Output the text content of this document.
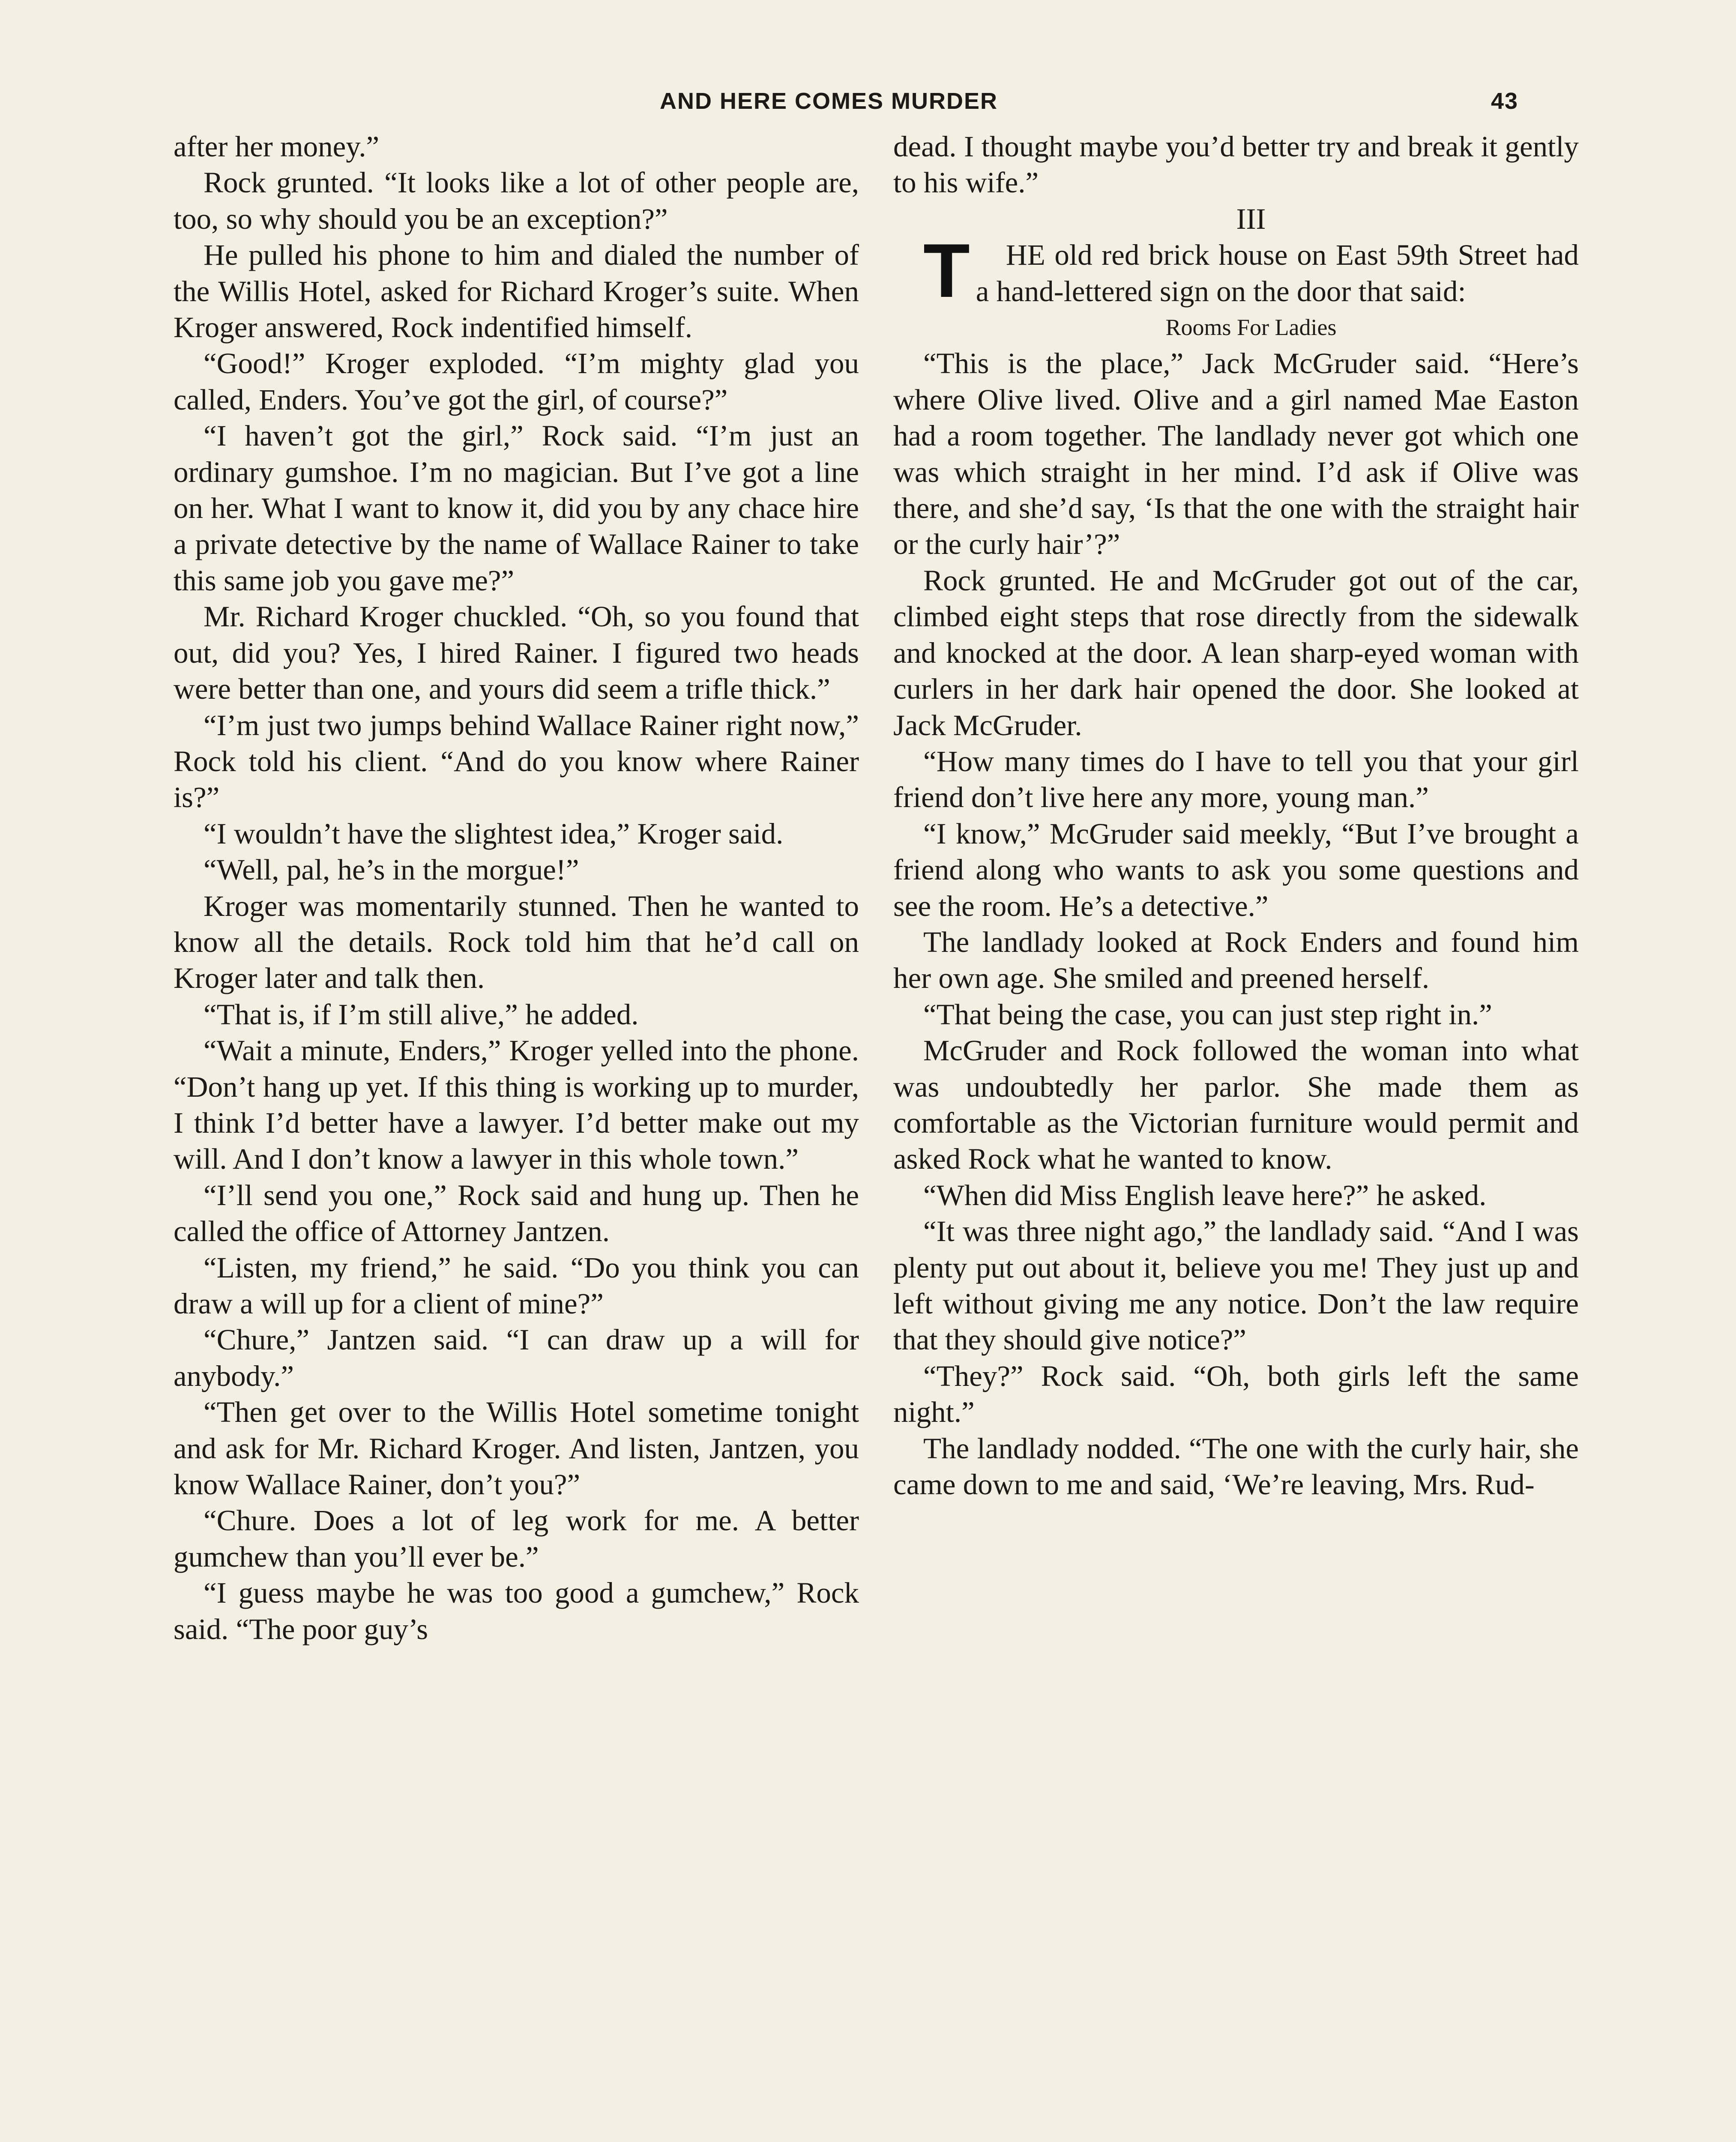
AND HERE COMES MURDER	43

after her money.”

Rock grunted. “It looks like a lot of other people are, too, so why should you be an exception?”

He pulled his phone to him and dialed the number of the Willis Hotel, asked for Richard Kroger’s suite. When Kroger answered, Rock indentified himself.

“Good!” Kroger exploded. “I’m mighty glad you called, Enders. You’ve got the girl, of course?”

“I haven’t got the girl,” Rock said. “I’m just an ordinary gumshoe. I’m no magician. But I’ve got a line on her. What I want to know it, did you by any chace hire a private detective by the name of Wallace Rainer to take this same job you gave me?”

Mr. Richard Kroger chuckled. “Oh, so you found that out, did you? Yes, I hired Rainer. I figured two heads were better than one, and yours did seem a trifle thick.”

“I’m just two jumps behind Wallace Rainer right now,” Rock told his client. “And do you know where Rainer is?”

“I wouldn’t have the slightest idea,” Kroger said.

“Well, pal, he’s in the morgue!”

Kroger was momentarily stunned. Then he wanted to know all the details. Rock told him that he’d call on Kroger later and talk then.

“That is, if I’m still alive,” he added.

“Wait a minute, Enders,” Kroger yelled into the phone. “Don’t hang up yet. If this thing is working up to murder, I think I’d better have a lawyer. I’d better make out my will. And I don’t know a lawyer in this whole town.”

“I’ll send you one,” Rock said and hung up. Then he called the office of Attorney Jantzen.

“Listen, my friend,” he said. “Do you think you can draw a will up for a client of mine?”

“Chure,” Jantzen said. “I can draw up a will for anybody.”

“Then get over to the Willis Hotel sometime tonight and ask for Mr. Richard Kroger. And listen, Jantzen, you know Wallace Rainer, don’t you?”

“Chure. Does a lot of leg work for me. A better gumchew than you’ll ever be.”

“I guess maybe he was too good a gumchew,” Rock said. “The poor guy’s

dead. I thought maybe you’d better try and break it gently to his wife.”

III

T HE old red brick house on East 59th Street had a hand-lettered sign on the door that said:

Rooms For Ladies

“This is the place,” Jack McGruder said. “Here’s where Olive lived. Olive and a girl named Mae Easton had a room together. The landlady never got which one was which straight in her mind. I’d ask if Olive was there, and she’d say, ‘Is that the one with the straight hair or the curly hair’?”

Rock grunted. He and McGruder got out of the car, climbed eight steps that rose directly from the sidewalk and knocked at the door. A lean sharp-eyed woman with curlers in her dark hair opened the door. She looked at Jack McGruder.

“How many times do I have to tell you that your girl friend don’t live here any more, young man.”

“I know,” McGruder said meekly, “But I’ve brought a friend along who wants to ask you some questions and see the room. He’s a detective.”

The landlady looked at Rock Enders and found him her own age. She smiled and preened herself.

“That being the case, you can just step right in.”

McGruder and Rock followed the woman into what was undoubtedly her parlor. She made them as comfortable as the Victorian furniture would permit and asked Rock what he wanted to know.

“When did Miss English leave here?” he asked.

“It was three night ago,” the landlady said. “And I was plenty put out about it, believe you me! They just up and left without giving me any notice. Don’t the law require that they should give notice?”

“They?” Rock said. “Oh, both girls left the same night.”

The landlady nodded. “The one with the curly hair, she came down to me and said, ‘We’re leaving, Mrs. Rud-
